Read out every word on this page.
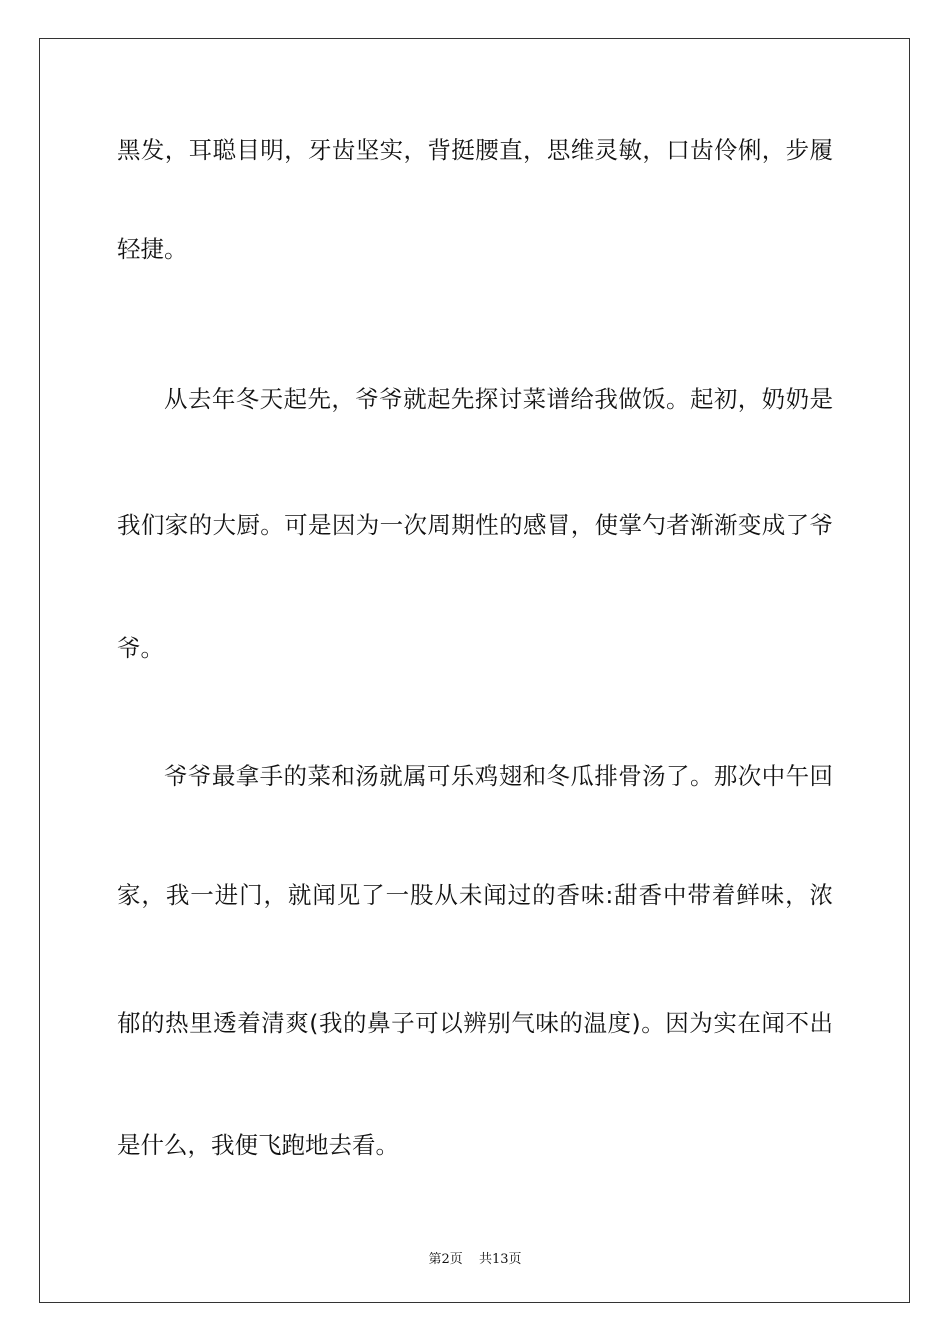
黑发，耳聪目明，牙齿坚实，背挺腰直，思维灵敏，口齿伶俐，步履
轻捷。
从去年冬天起先，爷爷就起先探讨菜谱给我做饭。起初，奶奶是
我们家的大厨。可是因为一次周期性的感冒，使掌勺者渐渐变成了爷
爷。
爷爷最拿手的菜和汤就属可乐鸡翅和冬瓜排骨汤了。那次中午回
家，我一进门，就闻见了一股从未闻过的香味:甜香中带着鲜味，浓
郁的热里透着清爽(我的鼻子可以辨别气味的温度)。因为实在闻不出
是什么，我便飞跑地去看。
第2页 共13页
